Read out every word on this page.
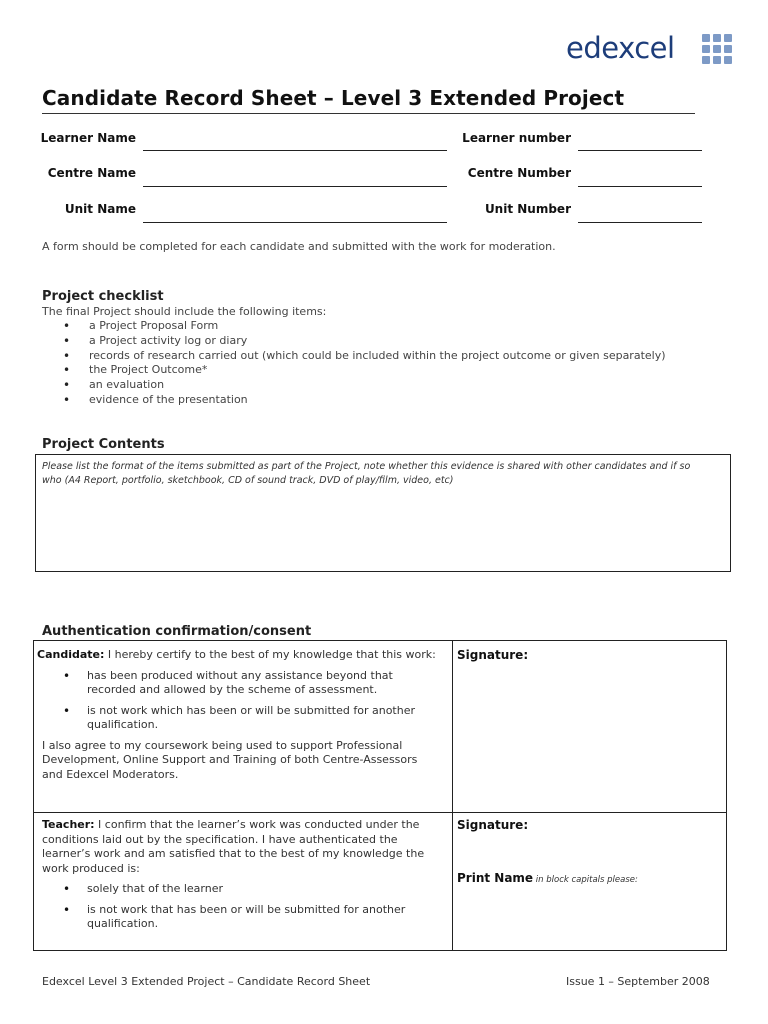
edexcel
Candidate Record Sheet – Level 3 Extended Project
Learner Name	Learner number
Centre Name	Centre Number
Unit Name	Unit Number
A form should be completed for each candidate and submitted with the work for moderation.
Project checklist
The final Project should include the following items:
• a Project Proposal Form
• a Project activity log or diary
• records of research carried out (which could be included within the project outcome or given separately)
• the Project Outcome*
• an evaluation
• evidence of the presentation
Project Contents
Please list the format of the items submitted as part of the Project, note whether this evidence is shared with other candidates and if so who (A4 Report, portfolio, sketchbook, CD of sound track, DVD of play/film, video, etc)
Authentication confirmation/consent
Candidate: I hereby certify to the best of my knowledge that this work:
• has been produced without any assistance beyond that recorded and allowed by the scheme of assessment.
• is not work which has been or will be submitted for another qualification.
I also agree to my coursework being used to support Professional Development, Online Support and Training of both Centre-Assessors and Edexcel Moderators.
Signature:
Teacher: I confirm that the learner’s work was conducted under the conditions laid out by the specification. I have authenticated the learner’s work and am satisfied that to the best of my knowledge the work produced is:
• solely that of the learner
• is not work that has been or will be submitted for another qualification.
Signature:
Print Name in block capitals please:
Edexcel Level 3 Extended Project – Candidate Record Sheet	Issue 1 – September 2008
